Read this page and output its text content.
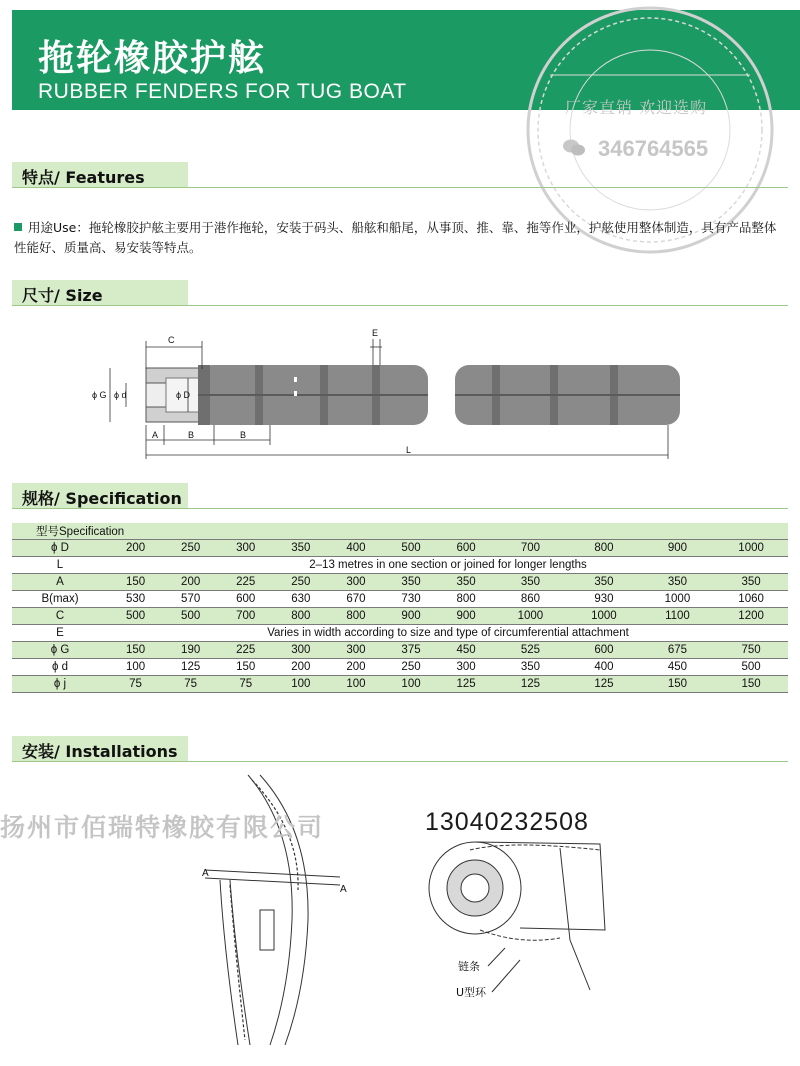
拖轮橡胶护舷
RUBBER FENDERS FOR TUG BOAT
厂家直销 欢迎选购
346764565
特点/ Features
用途Use：拖轮橡胶护舷主要用于港作拖轮，安装于码头、船舷和船尾，从事顶、推、靠、拖等作业，护舷使用整体制造，具有产品整体性能好、质量高、易安装等特点。
尺寸/ Size
C
E
ϕ G ϕ d	ϕ D
A	B	B
L
规格/ Specification
型号Specification											
ϕ D	200	250	300	350	400	500	600	700	800	900	1000
L	2–13 metres in one section or joined for longer lengths										
A	150	200	225	250	300	350	350	350	350	350	350
B(max)	530	570	600	630	670	730	800	860	930	1000	1060
C	500	500	700	800	800	900	900	1000	1000	1100	1200
E	Varies in width according to size and type of circumferential attachment										
ϕ G	150	190	225	300	300	375	450	525	600	675	750
ϕ d	100	125	150	200	200	250	300	350	400	450	500
ϕ j	75	75	75	100	100	100	125	125	125	150	150
安装/ Installations
A
A
链条
U型环
扬州市佰瑞特橡胶有限公司	13040232508
